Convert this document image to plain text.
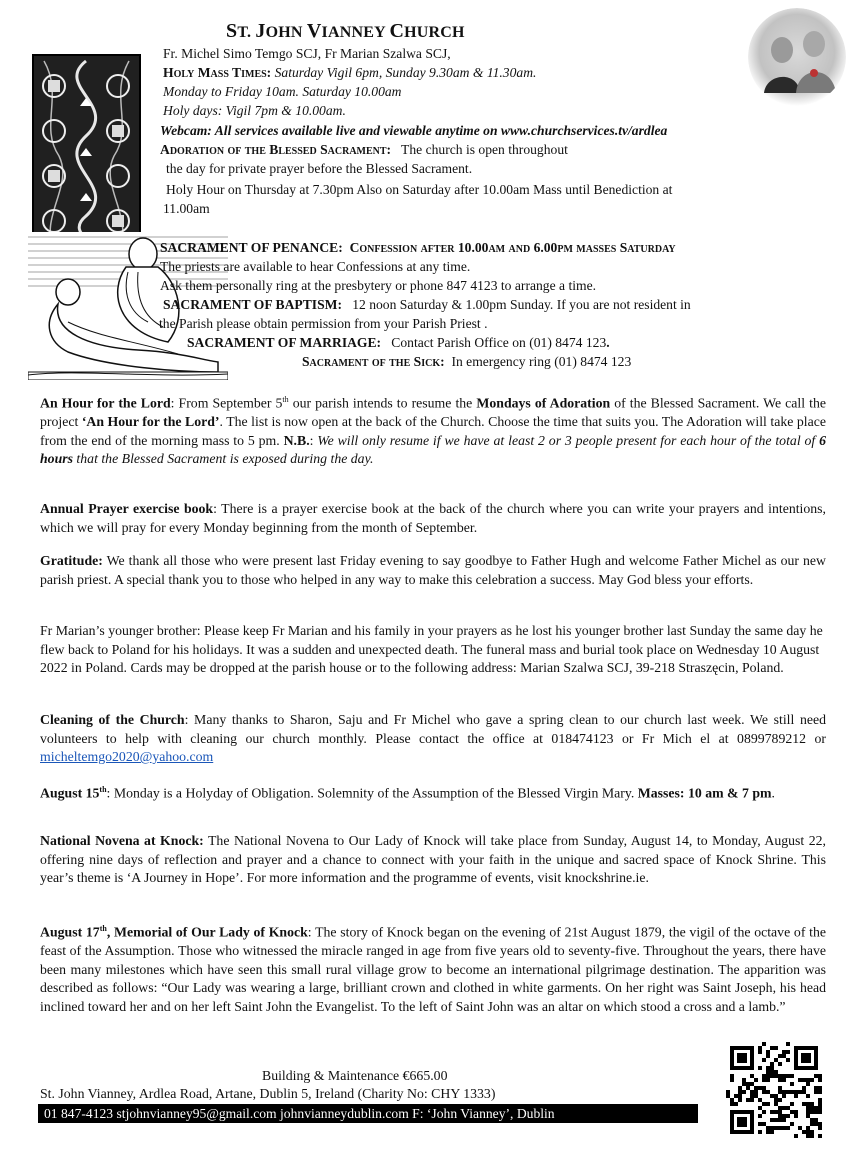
ST. JOHN VIANNEY CHURCH
Fr. Michel Simo Temgo SCJ, Fr Marian Szalwa SCJ,
Holy Mass Times: Saturday Vigil 6pm, Sunday 9.30am & 11.30am.
Monday to Friday 10am. Saturday 10.00am
Holy days: Vigil 7pm & 10.00am.
Webcam: All services available live and viewable anytime on www.churchservices.tv/ardlea
Adoration of the Blessed Sacrament: The church is open throughout
the day for private prayer before the Blessed Sacrament.
Holy Hour on Thursday at 7.30pm Also on Saturday after 10.00am Mass until Benediction at
11.00am
SACRAMENT OF PENANCE: Confession after 10.00am and 6.00pm masses Saturday
The priests are available to hear Confessions at any time.
Ask them personally ring at the presbytery or phone 847 4123 to arrange a time.
SACRAMENT OF BAPTISM: 12 noon Saturday & 1.00pm Sunday. If you are not resident in
the Parish please obtain permission from your Parish Priest .
SACRAMENT OF MARRIAGE: Contact Parish Office on (01) 8474 123.
Sacrament of the Sick: In emergency ring (01) 8474 123

An Hour for the Lord: From September 5th our parish intends to resume the Mondays of Adoration of the Blessed Sacrament. We call the project ‘An Hour for the Lord’. The list is now open at the back of the Church. Choose the time that suits you. The Adoration will take place from the end of the morning mass to 5 pm. N.B.: We will only resume if we have at least 2 or 3 people present for each hour of the total of 6 hours that the Blessed Sacrament is exposed during the day.

Annual Prayer exercise book: There is a prayer exercise book at the back of the church where you can write your prayers and intentions, which we will pray for every Monday beginning from the month of September.

Gratitude: We thank all those who were present last Friday evening to say goodbye to Father Hugh and welcome Father Michel as our new parish priest. A special thank you to those who helped in any way to make this celebration a success. May God bless your efforts.

Fr Marian’s younger brother: Please keep Fr Marian and his family in your prayers as he lost his younger brother last Sunday the same day he flew back to Poland for his holidays. It was a sudden and unexpected death. The funeral mass and burial took place on Wednesday 10 August 2022 in Poland. Cards may be dropped at the parish house or to the following address: Marian Szalwa SCJ, 39-218 Straszęcin, Poland.

Cleaning of the Church: Many thanks to Sharon, Saju and Fr Michel who gave a spring clean to our church last week. We still need volunteers to help with cleaning our church monthly. Please contact the office at 018474123 or Fr Mich el at 0899789212 or micheltemgo2020@yahoo.com

August 15th: Monday is a Holyday of Obligation. Solemnity of the Assumption of the Blessed Virgin Mary. Masses: 10 am & 7 pm.

National Novena at Knock: The National Novena to Our Lady of Knock will take place from Sunday, August 14, to Monday, August 22, offering nine days of reflection and prayer and a chance to connect with your faith in the unique and sacred space of Knock Shrine. This year’s theme is ‘A Journey in Hope’. For more information and the programme of events, visit knockshrine.ie.

August 17th, Memorial of Our Lady of Knock: The story of Knock began on the evening of 21st August 1879, the vigil of the octave of the feast of the Assumption. Those who witnessed the miracle ranged in age from five years old to seventy-five. Throughout the years, there have been many milestones which have seen this small rural village grow to become an international pilgrimage destination. The apparition was described as follows: “Our Lady was wearing a large, brilliant crown and clothed in white garments. On her right was Saint Joseph, his head inclined toward her and on her left Saint John the Evangelist. To the left of Saint John was an altar on which stood a cross and a lamb.”

Building & Maintenance €665.00
St. John Vianney, Ardlea Road, Artane, Dublin 5, Ireland (Charity No: CHY 1333)
01 847-4123 stjohnvianney95@gmail.com johnvianneydublin.com F: ‘John Vianney’, Dublin
